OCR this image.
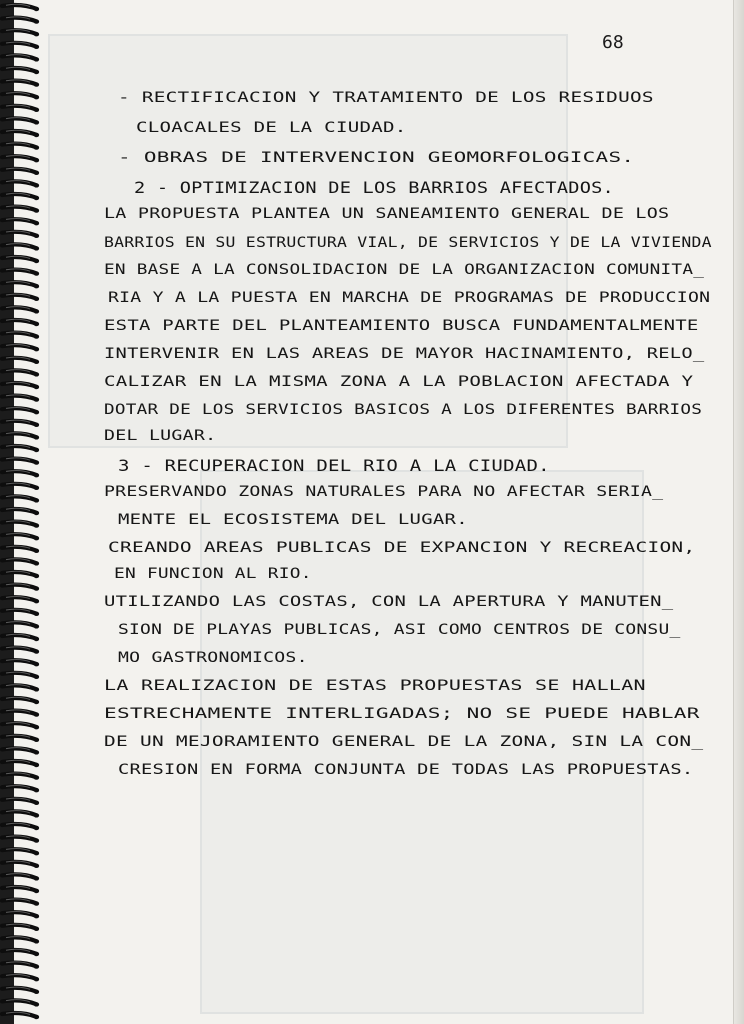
68
- RECTIFICACION Y TRATAMIENTO DE LOS RESIDUOS
CLOACALES DE LA CIUDAD.
- OBRAS DE INTERVENCION GEOMORFOLOGICAS.
2 - OPTIMIZACION DE LOS BARRIOS AFECTADOS.
LA PROPUESTA PLANTEA UN SANEAMIENTO GENERAL DE LOS
BARRIOS EN SU ESTRUCTURA VIAL, DE SERVICIOS Y DE LA VIVIENDA
EN BASE A LA CONSOLIDACION DE LA ORGANIZACION COMUNITA_
RIA Y A LA PUESTA EN MARCHA DE PROGRAMAS DE PRODUCCION
ESTA PARTE DEL PLANTEAMIENTO BUSCA FUNDAMENTALMENTE
INTERVENIR EN LAS AREAS DE MAYOR HACINAMIENTO, RELO_
CALIZAR EN LA MISMA ZONA A LA POBLACION AFECTADA Y
DOTAR DE LOS SERVICIOS BASICOS A LOS DIFERENTES BARRIOS
DEL LUGAR.
3 - RECUPERACION DEL RIO A LA CIUDAD.
PRESERVANDO ZONAS NATURALES PARA NO AFECTAR SERIA_
MENTE EL ECOSISTEMA DEL LUGAR.
CREANDO AREAS PUBLICAS DE EXPANCION Y RECREACION,
EN FUNCION AL RIO.
UTILIZANDO LAS COSTAS, CON LA APERTURA Y MANUTEN_
SION DE PLAYAS PUBLICAS, ASI COMO CENTROS DE CONSU_
MO GASTRONOMICOS.
LA REALIZACION DE ESTAS PROPUESTAS SE HALLAN
ESTRECHAMENTE INTERLIGADAS; NO SE PUEDE HABLAR
DE UN MEJORAMIENTO GENERAL DE LA ZONA, SIN LA CON_
CRESION EN FORMA CONJUNTA DE TODAS LAS PROPUESTAS.
